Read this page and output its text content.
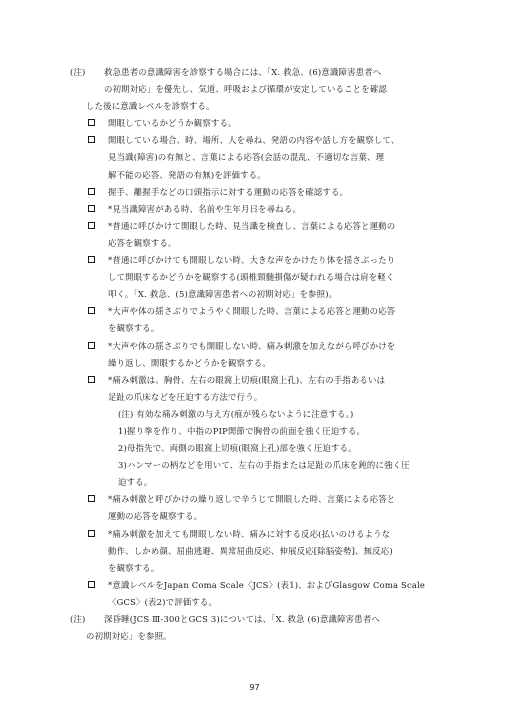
(注) 救急患者の意識障害を診察する場合には、「X. 救急、(6)意識障害患者へ
の初期対応」を優先し、気道、呼吸および循環が安定していることを確認
した後に意識レベルを診察する。
開眼しているかどうか観察する。
開眼している場合、時、場所、人を尋ね、発語の内容や話し方を観察して、
見当識(障害)の有無と、言葉による応答(会話の混乱、不適切な言葉、理
解不能の応答、発語の有無)を評価する。
握手、離握手などの口頭指示に対する運動の応答を確認する。
*見当識障害がある時、名前や生年月日を尋ねる。
*普通に呼びかけて開眼した時、見当識を検査し、言葉による応答と運動の
応答を観察する。
*普通に呼びかけても開眼しない時、大きな声をかけたり体を揺さぶったり
して開眼するかどうかを観察する(頭椎頸髄損傷が疑われる場合は肩を軽く
叩く。「X. 救急、(5)意識障害患者への初期対応」を参照)。
*大声や体の揺さぶりでようやく開眼した時、言葉による応答と運動の応答
を観察する。
*大声や体の揺さぶりでも開眼しない時、痛み刺激を加えながら呼びかけを
繰り返し、開眼するかどうかを観察する。
*痛み刺激は、胸骨、左右の眼窩上切痕(眼窩上孔)、左右の手指あるいは
足趾の爪床などを圧迫する方法で行う。
(注) 有効な痛み刺激の与え方(痕が残らないように注意する。)
1)握り拳を作り、中指のPIP関節で胸骨の前面を強く圧迫する。
2)母指先で、両側の眼窩上切痕(眼窩上孔)部を強く圧迫する。
3)ハンマーの柄などを用いて、左右の手指または足趾の爪床を鈍的に強く圧
迫する。
*痛み刺激と呼びかけの繰り返しで辛うじて開眼した時、言葉による応答と
運動の応答を観察する。
*痛み刺激を加えても開眼しない時、痛みに対する反応(払いのけるような
動作、しかめ顔、屈曲逃避、異常屈曲反応、伸展反応[除脳姿勢]、無反応)
を観察する。
*意識レベルをJapan Coma Scale〈JCS〉(表1)、およびGlasgow Coma Scale
〈GCS〉(表2)で評価する。
(注) 深昏睡(JCS Ⅲ-300とGCS 3)については、「X. 救急 (6)意識障害患者へ
の初期対応」を参照。
97
